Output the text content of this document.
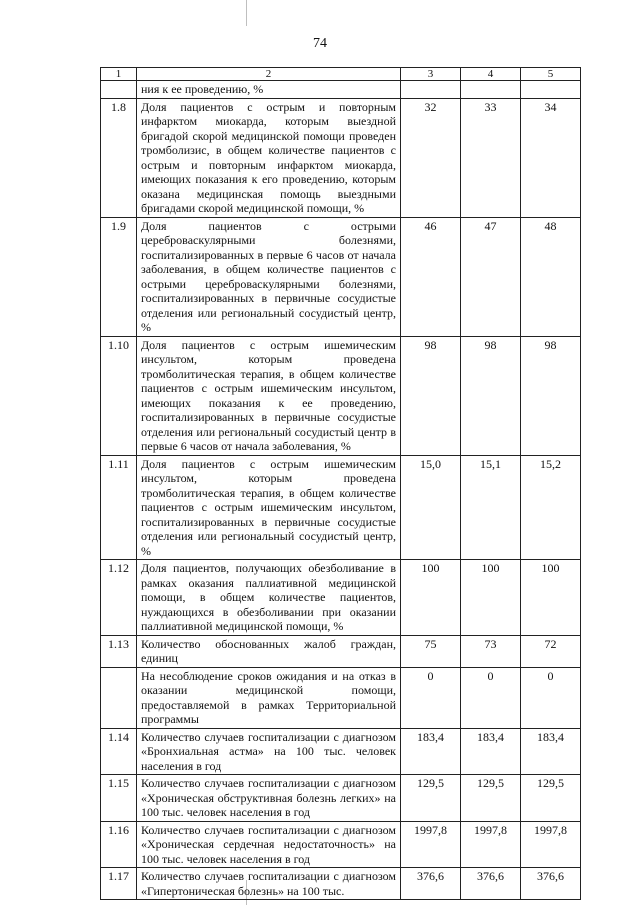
74
1	2	3	4	5
	ния к ее проведению, %			
1.8	Доля пациентов с острым и повторным инфарктом миокарда, которым выездной бригадой скорой медицинской помощи проведен тромболизис, в общем количестве пациентов с острым и повторным инфарктом миокарда, имеющих показания к его проведению, которым оказана медицинская помощь выездными бригадами скорой медицинской помощи, %	32	33	34
1.9	Доля пациентов с острыми цереброваскулярными болезнями, госпитализированных в первые 6 часов от начала заболевания, в общем количестве пациентов с острыми цереброваскулярными болезнями, госпитализированных в первичные сосудистые отделения или региональный сосудистый центр, %	46	47	48
1.10	Доля пациентов с острым ишемическим инсультом, которым проведена тромболитическая терапия, в общем количестве пациентов с острым ишемическим инсультом, имеющих показания к ее проведению, госпитализированных в первичные сосудистые отделения или региональный сосудистый центр в первые 6 часов от начала заболевания, %	98	98	98
1.11	Доля пациентов с острым ишемическим инсультом, которым проведена тромболитическая терапия, в общем количестве пациентов с острым ишемическим инсультом, госпитализированных в первичные сосудистые отделения или региональный сосудистый центр, %	15,0	15,1	15,2
1.12	Доля пациентов, получающих обезболивание в рамках оказания паллиативной медицинской помощи, в общем количестве пациентов, нуждающихся в обезболивании при оказании паллиативной медицинской помощи, %	100	100	100
1.13	Количество обоснованных жалоб граждан, единиц	75	73	72
	На несоблюдение сроков ожидания и на отказ в оказании медицинской помощи, предоставляемой в рамках Территориальной программы	0	0	0
1.14	Количество случаев госпитализации с диагнозом «Бронхиальная астма» на 100 тыс. человек населения в год	183,4	183,4	183,4
1.15	Количество случаев госпитализации с диагнозом «Хроническая обструктивная болезнь легких» на 100 тыс. человек населения в год	129,5	129,5	129,5
1.16	Количество случаев госпитализации с диагнозом «Хроническая сердечная недостаточность» на 100 тыс. человек населения в год	1997,8	1997,8	1997,8
1.17	Количество случаев госпитализации с диагнозом «Гипертоническая болезнь» на 100 тыс.	376,6	376,6	376,6
